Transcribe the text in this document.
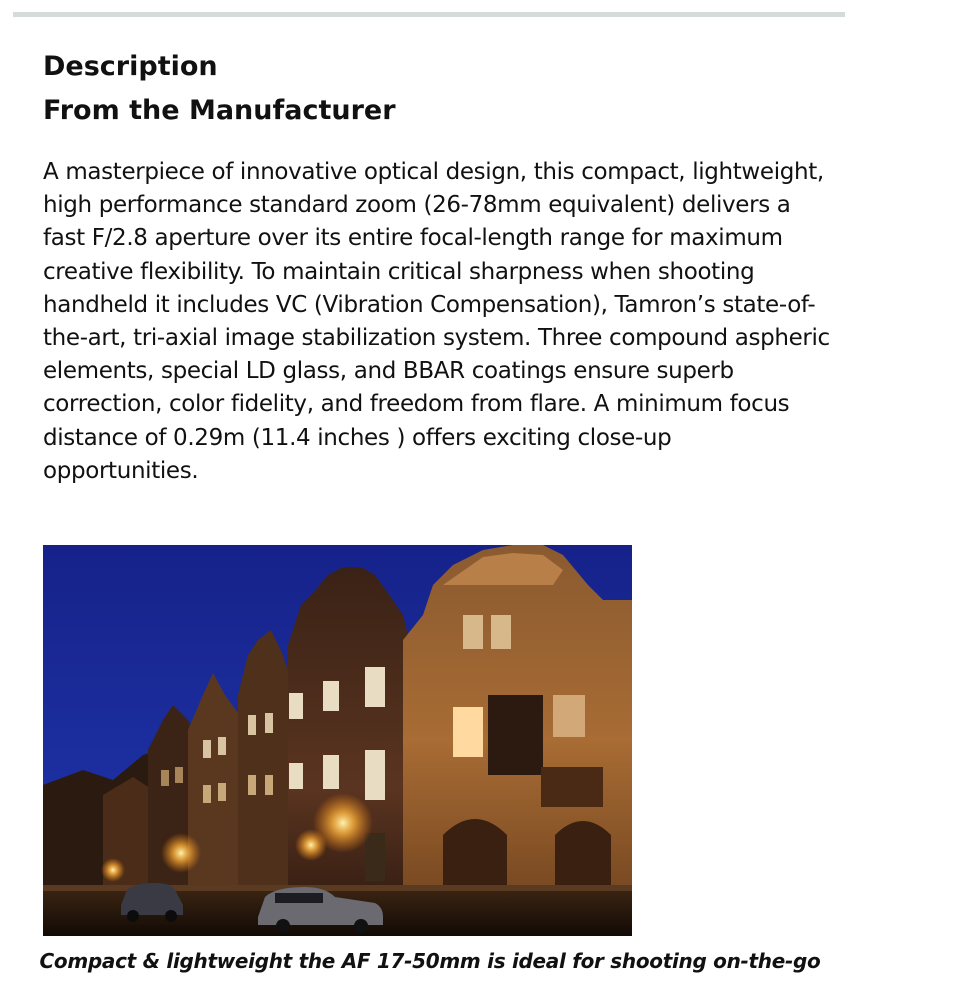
Description
From the Manufacturer

A masterpiece of innovative optical design, this compact, lightweight, high performance standard zoom (26-78mm equivalent) delivers a fast F/2.8 aperture over its entire focal-length range for maximum creative flexibility. To maintain critical sharpness when shooting handheld it includes VC (Vibration Compensation), Tamron’s state-of-the-art, tri-axial image stabilization system. Three compound aspheric elements, special LD glass, and BBAR coatings ensure superb correction, color fidelity, and freedom from flare. A minimum focus distance of 0.29m (11.4 inches ) offers exciting close-up opportunities.

Compact & lightweight the AF 17-50mm is ideal for shooting on-the-go
